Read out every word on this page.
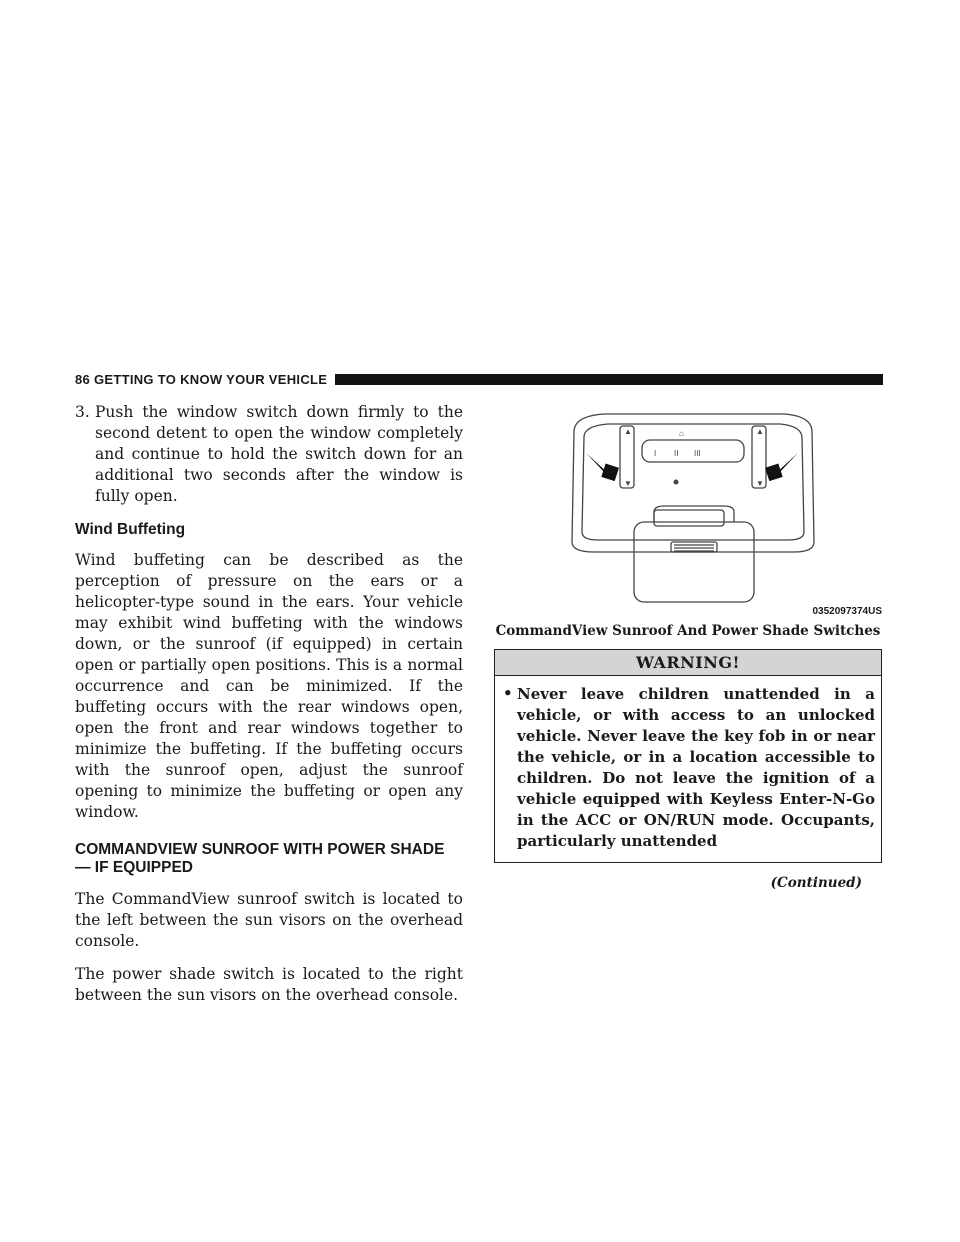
86 GETTING TO KNOW YOUR VEHICLE

3. Push the window switch down firmly to the second detent to open the window completely and continue to hold the switch down for an additional two seconds after the window is fully open.

Wind Buffeting

Wind buffeting can be described as the perception of pressure on the ears or a helicopter-type sound in the ears. Your vehicle may exhibit wind buffeting with the windows down, or the sunroof (if equipped) in certain open or partially open positions. This is a normal occurrence and can be minimized. If the buffeting occurs with the rear windows open, open the front and rear windows together to minimize the buffeting. If the buffeting occurs with the sunroof open, adjust the sunroof opening to minimize the buffeting or open any window.

COMMANDVIEW SUNROOF WITH POWER SHADE
— IF EQUIPPED

The CommandView sunroof switch is located to the left between the sun visors on the overhead console.

The power shade switch is located to the right between the sun visors on the overhead console.

▲
▼
▲
▼
⌂
I II III
0352097374US
CommandView Sunroof And Power Shade Switches
WARNING!
• Never leave children unattended in a vehicle, or with access to an unlocked vehicle. Never leave the key fob in or near the vehicle, or in a location accessible to children. Do not leave the ignition of a vehicle equipped with Keyless Enter-N-Go in the ACC or ON/RUN mode. Occupants, particularly unattended
(Continued)
